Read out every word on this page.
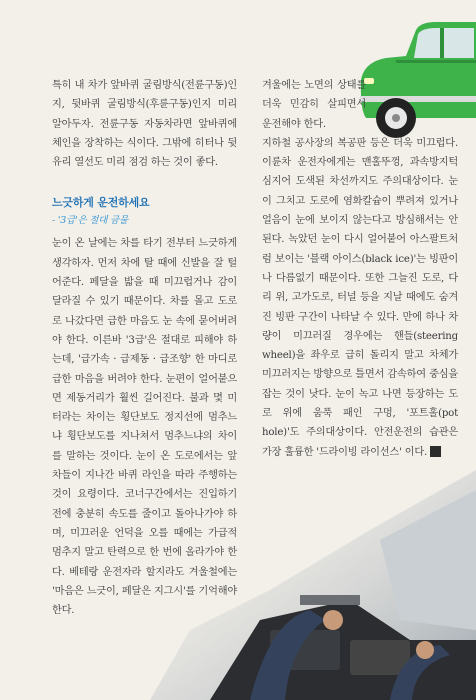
특히 내 차가 앞바퀴 굴림방식(전륜구동)인지, 뒷바퀴 굴림방식(후륜구동)인지 미리 알아두자. 전륜구동 자동차라면 앞바퀴에 체인을 장착하는 식이다. 그밖에 히터나 뒷유리 열선도 미리 점검 하는 것이 좋다.

느긋하게 운전하세요
- '3급'은 절대 금물

눈이 온 날에는 차를 타기 전부터 느긋하게 생각하자. 먼저 차에 탈 때에 신발을 잘 털어준다. 페달을 밟을 때 미끄럽거나 감이 달라질 수 있기 때문이다. 차를 몰고 도로로 나갔다면 급한 마음도 눈 속에 묻어버려야 한다. 이른바 '3급'은 절대로 피해야 하는데, '급가속 · 급제동 · 급조향' 한 마디로 급한 마음을 버려야 한다. 눈편이 얼어붙으면 제동거리가 훨씬 길어진다. 불과 몇 미터라는 차이는 횡단보도 정지선에 멈추느냐 횡단보도를 지나쳐서 멈추느냐의 차이를 말하는 것이다. 눈이 온 도로에서는 앞차들이 지나간 바퀴 라인을 따라 주행하는 것이 요령이다. 코너구간에서는 진입하기 전에 충분히 속도를 줄이고 돌아나가야 하며, 미끄러운 언덕을 오를 때에는 가급적 멈추지 말고 탄력으로 한 번에 올라가야 한다. 베테랑 운전자라 할지라도 겨울철에는 '마음은 느긋이, 페달은 지그시'를 기억해야 한다.

겨울에는 노면의 상태를 더욱 민감히 살피면서 운전해야 한다.

지하철 공사장의 복공판 등은 더욱 미끄럽다. 이륜차 운전자에게는 맨홀뚜껑, 과속방지턱 심지어 도색된 차선까지도 주의대상이다. 눈이 그치고 도로에 염화칼슘이 뿌려져 있거나 얼음이 눈에 보이지 않는다고 방심해서는 안 된다. 녹았던 눈이 다시 얼어붙어 아스팔트처럼 보이는 '블랙 아이스(black ice)'는 빙판이나 다름없기 때문이다. 또한 그늘진 도로, 다리 위, 고가도로, 터널 등을 지날 때에도 숨겨진 빙판 구간이 나타날 수 있다. 만에 하나 차량이 미끄러질 경우에는 핸들(steering wheel)을 좌우로 급히 돌리지 말고 차체가 미끄러지는 방향으로 틀면서 감속하여 중심을 잡는 것이 낫다. 눈이 녹고 나면 등장하는 도로 위에 움푹 패인 구멍, '포트홀(pot hole)'도 주의대상이다. 안전운전의 습관은 가장 훌륭한 '드라이빙 라이선스' 이다.
